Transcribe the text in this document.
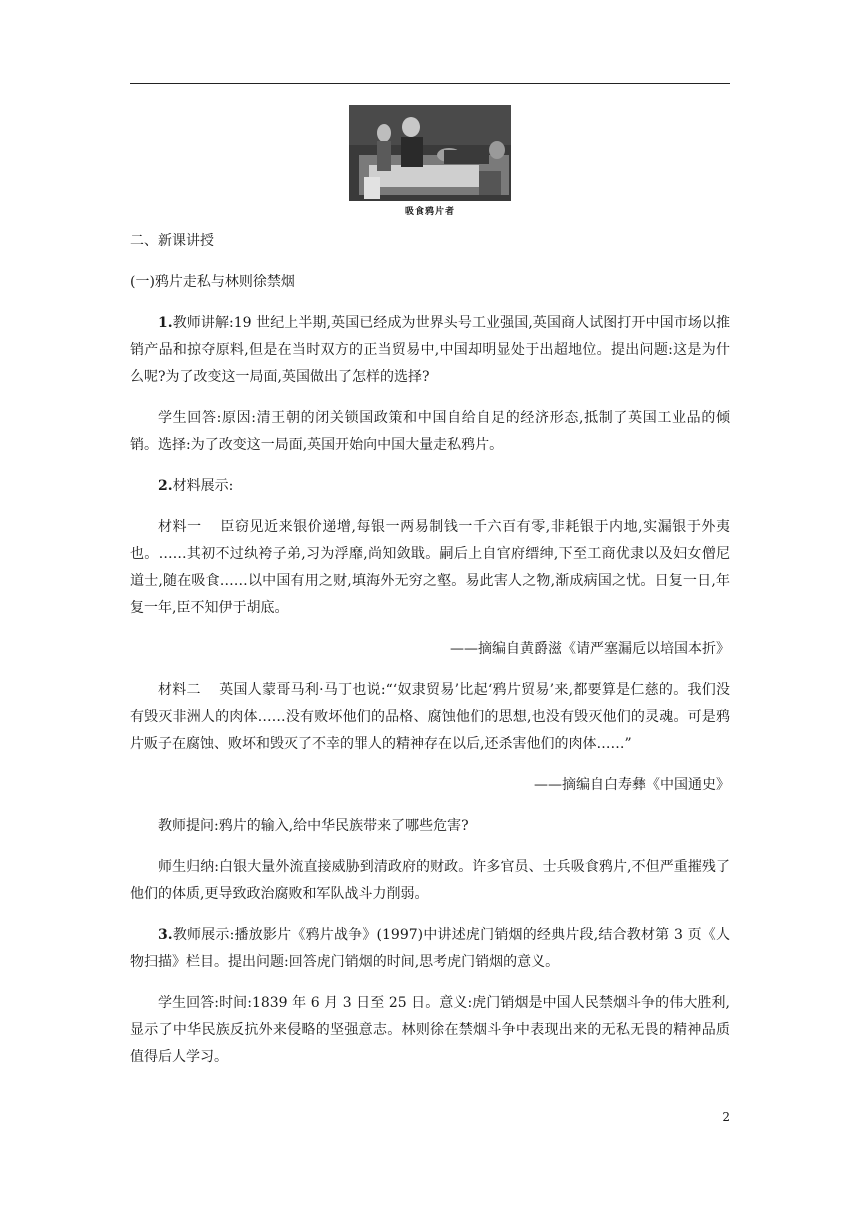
吸食鸦片者

二、新课讲授

(一)鸦片走私与林则徐禁烟

1.教师讲解:19 世纪上半期,英国已经成为世界头号工业强国,英国商人试图打开中国市场以推销产品和掠夺原料,但是在当时双方的正当贸易中,中国却明显处于出超地位。提出问题:这是为什么呢?为了改变这一局面,英国做出了怎样的选择?

学生回答:原因:清王朝的闭关锁国政策和中国自给自足的经济形态,抵制了英国工业品的倾销。选择:为了改变这一局面,英国开始向中国大量走私鸦片。

2.材料展示:

材料一 臣窃见近来银价递增,每银一两易制钱一千六百有零,非耗银于内地,实漏银于外夷也。……其初不过纨袴子弟,习为浮靡,尚知敛戢。嗣后上自官府缙绅,下至工商优隶以及妇女僧尼道士,随在吸食……以中国有用之财,填海外无穷之壑。易此害人之物,渐成病国之忧。日复一日,年复一年,臣不知伊于胡底。

——摘编自黄爵滋《请严塞漏卮以培国本折》

材料二 英国人蒙哥马利·马丁也说:“‘奴隶贸易’比起‘鸦片贸易’来,都要算是仁慈的。我们没有毁灭非洲人的肉体……没有败坏他们的品格、腐蚀他们的思想,也没有毁灭他们的灵魂。可是鸦片贩子在腐蚀、败坏和毁灭了不幸的罪人的精神存在以后,还杀害他们的肉体……”

——摘编自白寿彝《中国通史》

教师提问:鸦片的输入,给中华民族带来了哪些危害?

师生归纳:白银大量外流直接威胁到清政府的财政。许多官员、士兵吸食鸦片,不但严重摧残了他们的体质,更导致政治腐败和军队战斗力削弱。

3.教师展示:播放影片《鸦片战争》(1997)中讲述虎门销烟的经典片段,结合教材第 3 页《人物扫描》栏目。提出问题:回答虎门销烟的时间,思考虎门销烟的意义。

学生回答:时间:1839 年 6 月 3 日至 25 日。意义:虎门销烟是中国人民禁烟斗争的伟大胜利,显示了中华民族反抗外来侵略的坚强意志。林则徐在禁烟斗争中表现出来的无私无畏的精神品质值得后人学习。

2
